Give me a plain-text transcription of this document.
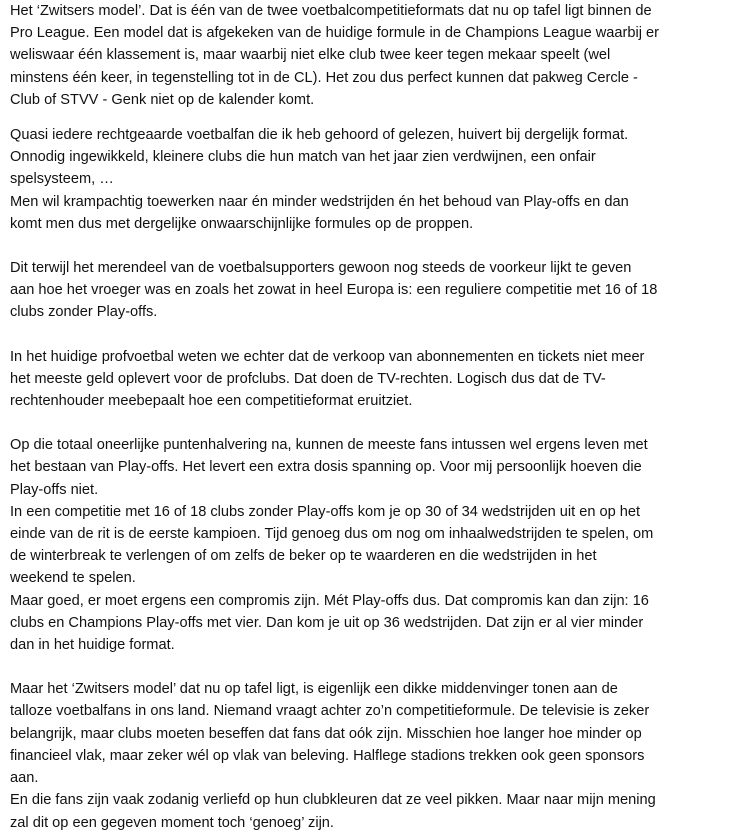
Het ‘Zwitsers model’. Dat is één van de twee voetbalcompetitieformats dat nu op tafel ligt binnen de
Pro League. Een model dat is afgekeken van de huidige formule in de Champions League waarbij er
weliswaar één klassement is, maar waarbij niet elke club twee keer tegen mekaar speelt (wel
minstens één keer, in tegenstelling tot in de CL). Het zou dus perfect kunnen dat pakweg Cercle -
Club of STVV - Genk niet op de kalender komt.
Quasi iedere rechtgeaarde voetbalfan die ik heb gehoord of gelezen, huivert bij dergelijk format.
Onnodig ingewikkeld, kleinere clubs die hun match van het jaar zien verdwijnen, een onfair
spelsysteem, …
Men wil krampachtig toewerken naar én minder wedstrijden én het behoud van Play-offs en dan
komt men dus met dergelijke onwaarschijnlijke formules op de proppen.
Dit terwijl het merendeel van de voetbalsupporters gewoon nog steeds de voorkeur lijkt te geven
aan hoe het vroeger was en zoals het zowat in heel Europa is: een reguliere competitie met 16 of 18
clubs zonder Play-offs.
In het huidige profvoetbal weten we echter dat de verkoop van abonnementen en tickets niet meer
het meeste geld oplevert voor de profclubs. Dat doen de TV-rechten. Logisch dus dat de TV-
rechtenhouder meebepaalt hoe een competitieformat eruitziet.
Op die totaal oneerlijke puntenhalvering na, kunnen de meeste fans intussen wel ergens leven met
het bestaan van Play-offs. Het levert een extra dosis spanning op. Voor mij persoonlijk hoeven die
Play-offs niet.
In een competitie met 16 of 18 clubs zonder Play-offs kom je op 30 of 34 wedstrijden uit en op het
einde van de rit is de eerste kampioen. Tijd genoeg dus om nog om inhaalwedstrijden te spelen, om
de winterbreak te verlengen of om zelfs de beker op te waarderen en die wedstrijden in het
weekend te spelen.
Maar goed, er moet ergens een compromis zijn. Mét Play-offs dus. Dat compromis kan dan zijn: 16
clubs en Champions Play-offs met vier. Dan kom je uit op 36 wedstrijden. Dat zijn er al vier minder
dan in het huidige format.
Maar het ‘Zwitsers model’ dat nu op tafel ligt, is eigenlijk een dikke middenvinger tonen aan de
talloze voetbalfans in ons land. Niemand vraagt achter zo’n competitieformule. De televisie is zeker
belangrijk, maar clubs moeten beseffen dat fans dat oók zijn. Misschien hoe langer hoe minder op
financieel vlak, maar zeker wél op vlak van beleving. Halflege stadions trekken ook geen sponsors
aan.
En die fans zijn vaak zodanig verliefd op hun clubkleuren dat ze veel pikken. Maar naar mijn mening
zal dit op een gegeven moment toch ‘genoeg’ zijn.
